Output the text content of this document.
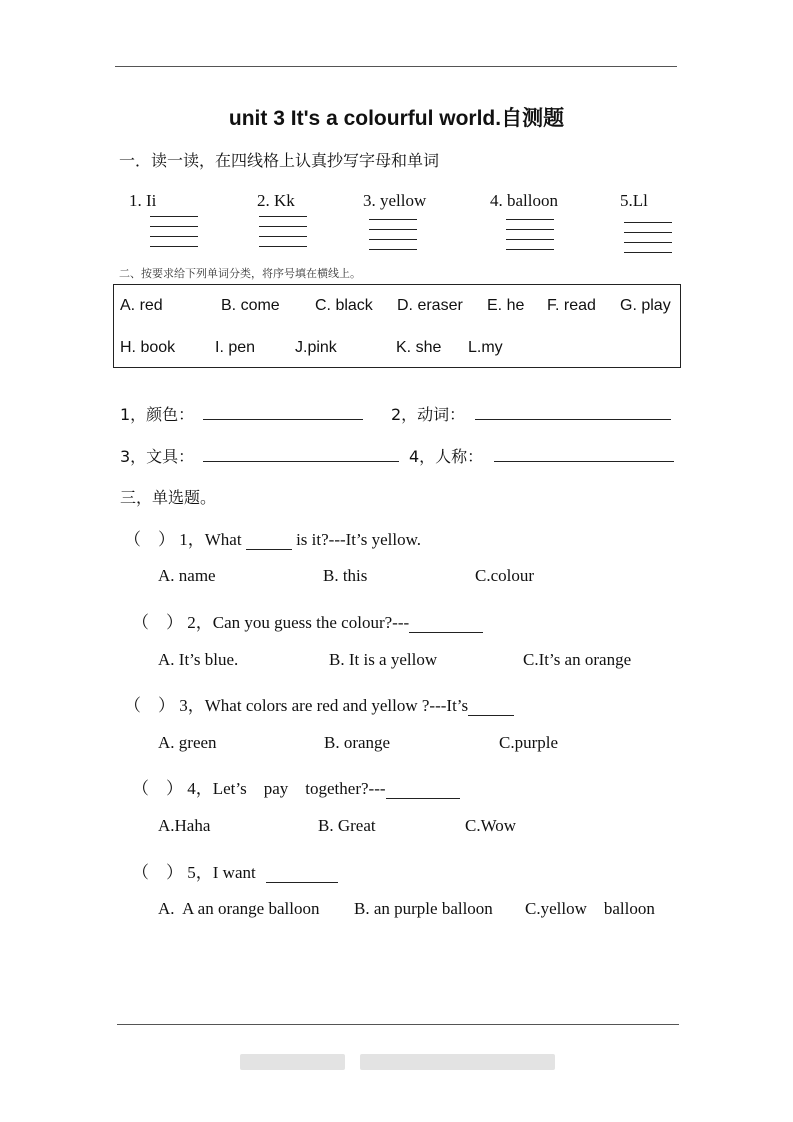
unit 3 It's a colourful world.自测题
一．读一读，在四线格上认真抄写字母和单词
1. Ii	2. Kk	3. yellow	4. balloon	5.Ll
二、按要求给下列单词分类，将序号填在横线上。
A. red	B. come C. black D. eraser E. he F. read G. play
H. book I. pen J.pink	K. she L.my
1，颜色：	2，动词：
3，文具：	4，人称：
三，单选题。
（　） 1，What	is it?---It’s yellow.
A. name	B. this	C.colour
（　） 2，Can you guess the colour?---
A. It’s blue.	B. It is a yellow	C.It’s an orange
（　） 3，What colors are red and yellow ?---It’s
A. green	B. orange	C.purple
（　） 4，Let’s    pay    together?---
A.Haha	B. Great	C.Wow
（　） 5，I want
A.  A an orange balloon B. an purple balloon C.yellow    balloon
